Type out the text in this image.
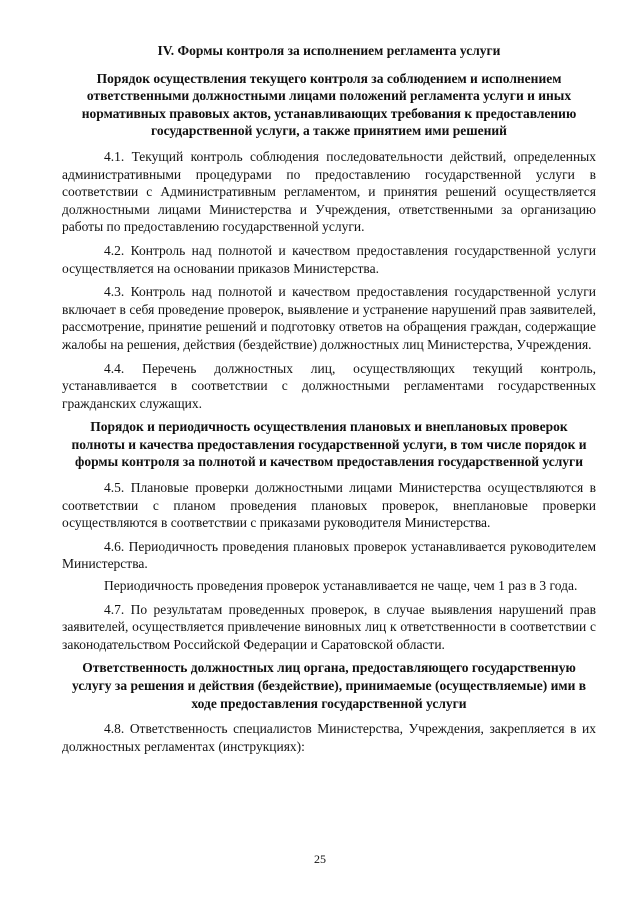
IV. Формы контроля за исполнением регламента услуги
Порядок осуществления текущего контроля за соблюдением и исполнением ответственными должностными лицами положений регламента услуги и иных нормативных правовых актов, устанавливающих требования к предоставлению государственной услуги, а также принятием ими решений

4.1. Текущий контроль соблюдения последовательности действий, определенных административными процедурами по предоставлению государственной услуги в соответствии с Административным регламентом, и принятия решений осуществляется должностными лицами Министерства и Учреждения, ответственными за организацию работы по предоставлению государственной услуги.

4.2. Контроль над полнотой и качеством предоставления государственной услуги осуществляется на основании приказов Министерства.

4.3. Контроль над полнотой и качеством предоставления государственной услуги включает в себя проведение проверок, выявление и устранение нарушений прав заявителей, рассмотрение, принятие решений и подготовку ответов на обращения граждан, содержащие жалобы на решения, действия (бездействие) должностных лиц Министерства, Учреждения.

4.4. Перечень должностных лиц, осуществляющих текущий контроль, устанавливается в соответствии с должностными регламентами государственных гражданских служащих.

Порядок и периодичность осуществления плановых и внеплановых проверок полноты и качества предоставления государственной услуги, в том числе порядок и формы контроля за полнотой и качеством предоставления государственной услуги

4.5. Плановые проверки должностными лицами Министерства осуществляются в соответствии с планом проведения плановых проверок, внеплановые проверки осуществляются в соответствии с приказами руководителя Министерства.

4.6. Периодичность проведения плановых проверок устанавливается руководителем Министерства.

Периодичность проведения проверок устанавливается не чаще, чем 1 раз в 3 года.

4.7. По результатам проведенных проверок, в случае выявления нарушений прав заявителей, осуществляется привлечение виновных лиц к ответственности в соответствии с законодательством Российской Федерации и Саратовской области.

Ответственность должностных лиц органа, предоставляющего государственную услугу за решения и действия (бездействие), принимаемые (осуществляемые) ими в ходе предоставления государственной услуги

4.8. Ответственность специалистов Министерства, Учреждения, закрепляется в их должностных регламентах (инструкциях):

25
